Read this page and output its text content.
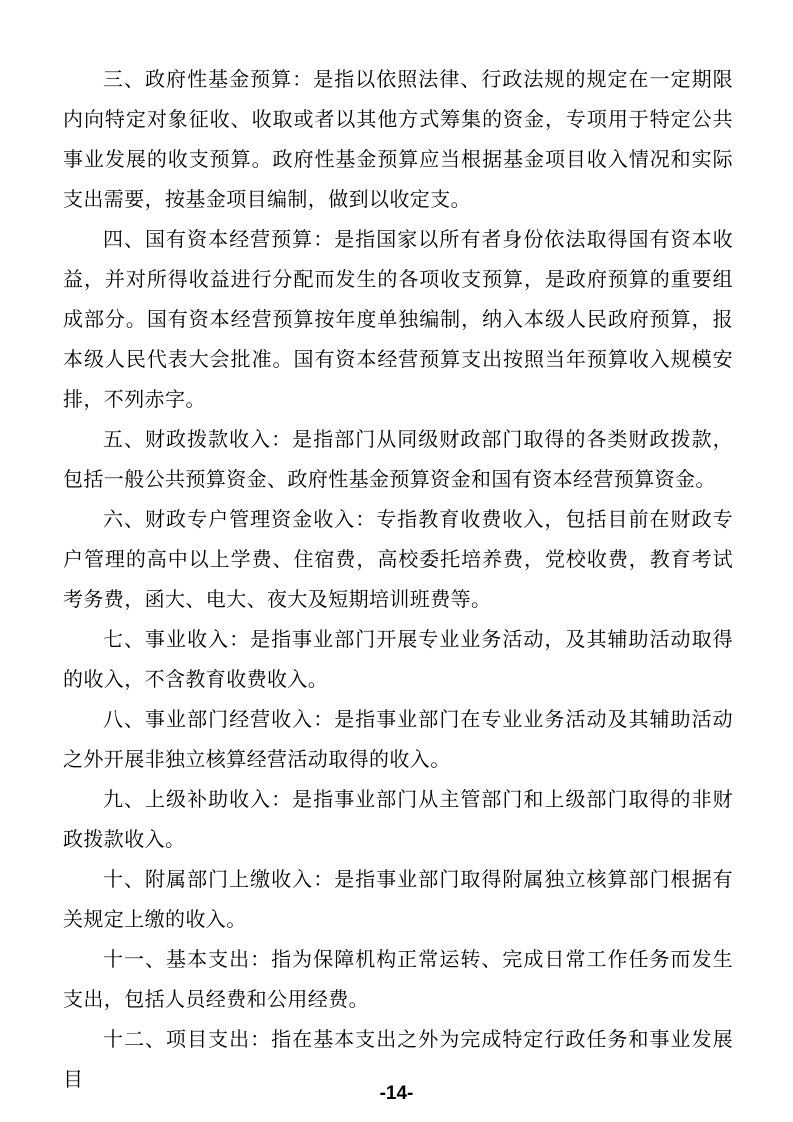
三、政府性基金预算：是指以依照法律、行政法规的规定在一定期限内向特定对象征收、收取或者以其他方式筹集的资金，专项用于特定公共事业发展的收支预算。政府性基金预算应当根据基金项目收入情况和实际支出需要，按基金项目编制，做到以收定支。

四、国有资本经营预算：是指国家以所有者身份依法取得国有资本收益，并对所得收益进行分配而发生的各项收支预算，是政府预算的重要组成部分。国有资本经营预算按年度单独编制，纳入本级人民政府预算，报本级人民代表大会批准。国有资本经营预算支出按照当年预算收入规模安排，不列赤字。

五、财政拨款收入：是指部门从同级财政部门取得的各类财政拨款，包括一般公共预算资金、政府性基金预算资金和国有资本经营预算资金。

六、财政专户管理资金收入：专指教育收费收入，包括目前在财政专户管理的高中以上学费、住宿费，高校委托培养费，党校收费，教育考试考务费，函大、电大、夜大及短期培训班费等。

七、事业收入：是指事业部门开展专业业务活动，及其辅助活动取得的收入，不含教育收费收入。

八、事业部门经营收入：是指事业部门在专业业务活动及其辅助活动之外开展非独立核算经营活动取得的收入。

九、上级补助收入：是指事业部门从主管部门和上级部门取得的非财政拨款收入。

十、附属部门上缴收入：是指事业部门取得附属独立核算部门根据有关规定上缴的收入。

十一、基本支出：指为保障机构正常运转、完成日常工作任务而发生支出，包括人员经费和公用经费。

十二、项目支出：指在基本支出之外为完成特定行政任务和事业发展目

-14-
